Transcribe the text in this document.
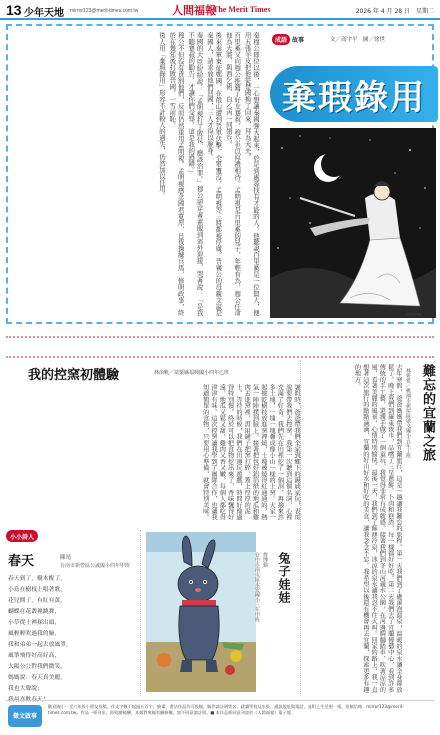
13 少年天地 mirror123@merit-times.com.tw	人間福報
The Merit Times	2026 年 4 月 28 日　星期二

秦穆公即位以後，一心想讓秦國強大起來，於是到處尋找有才能的人。他聽說百里奚是一位賢人，便用五張羊皮把他從楚國換了回來，拜為大夫。

百里奚又向穆公推薦了好友蹇叔，穆公也以厚禮相待。孟明視是百里奚的兒子，年輕有為，穆公任命他為大將，與西乞術、白乙丙一同領兵。

後來秦軍東征鄭國，在殽山遭到晉軍伏擊，全軍覆沒，孟明視等三將都被俘虜。晉襄公的母親文嬴是秦國人，請求放他們回國，三人才得以脫身。

秦國的大臣紛紛說：「孟明視打了敗仗，應該治罪。」穆公卻穿著素服到郊外迎接，哭著說：「是我不聽蹇叔的勸告，才讓你們受辱，這是我的過錯。」

穆公不但沒有責罰他們，反而仍然重用孟明視。孟明視感念國君寬厚，日夜操練兵馬，修明政事，終於在幾年後打敗晉國，一雪前恥。

後人用「棄瑕錄用」形容不計較人的過失，仍然加以任用。	成語 故事	文／高宇平　圖／徐世
棄瑕錄用
yingfeng
創	作	花	園
我的控窯初體驗	林俞帆／苗栗縣福興國小四年乙班
暑假時，爸爸帶我們全家到鄉下的親戚家玩，表哥說要帶我們去控窯。我第一次聽到這個名詞，心裡充滿了好奇。我們先在田裡挖了一個洞，再撿來許多土塊，一塊一塊疊成像小山一樣的土窯。大家一起撿乾樹枝放進窯裡燒，土塊被燒得紅通通的，熱氣一陣陣撲到臉上。接著把包好鋁箔紙的地瓜和雞肉丟進窯裡，再用鏟子把窯打碎，蓋上厚厚的泥土。等待的時候，我們在田邊玩遊戲，時間好像過得特別慢。終於可以把食物挖出來了，香味飄得好遠，地瓜又鬆又甜，雞肉又香又嫩，每個人都吃得津津有味。這次控窯讓我學到了團隊合作，也讓我知道簡單的食物，只要用心準備，就會特別美味。
小小詩人
春天	陳靖
台南市新營區公誠國小四年甲班
春天到了，樹木醒了，
小鳥在樹枝上唱著歌，
花兒開了，有紅有黃，
蝴蝶在花叢裡跳舞，
小草從土裡探出頭，
風輕輕吹過我的臉，
我和弟弟一起去放風箏，
風箏飛得好高好高，
太陽公公對我們微笑，
媽媽說：春天真美麗，
我也大聲說：
我最喜歡春天！
兔子娃娃
詹博倫
台中市南屯區永安國小三年甲班
難忘的宜蘭之旅
林妍希／桃園市新屋區啟文國小五年丁班
去年寒假，爸爸媽媽帶我們到宜蘭旅行，這是一趟讓我難忘的旅程。第一天我們到了礁溪泡溫泉，溫暖的泉水讓全身都放鬆了。晚上我們到羅東夜市，品嚐了三星蔥餅、卜肉和糕渣，每一樣都好好吃。第二天我們去了宜蘭傳藝中心，看到許多傳統的手工藝，還親手做了一個童玩，我覺得非常有成就感。接著我們到冬山河親水公園，在河邊騎腳踏車，吹著涼涼的風，看著美麗的風景，心情特別愉快。最後一天，我們到了蘇澳冷泉，冰涼的泉水讓我忍不住大叫。回家的路上，我一直想著這次旅行的點點滴滴，宜蘭的好山好水和好吃的美食，讓我念念不忘。我希望以後還有機會再去宜蘭，探索更多有趣的地方。
徵文 啟事
歡迎國小一至六年級小朋友投稿，作文字數不超過五百字，繪畫、書法作品均可投稿，稿件請註明姓名、就讀學校及年級、通訊地址與電話，並附上生活照一張。投稿信箱：mirror123@merit-times.com.tw。作品一經刊出，即致贈稿酬，本報對來稿有刪修權，如不同意請註明。■ 本作品經同意刊登於《人間福報》電子報。
